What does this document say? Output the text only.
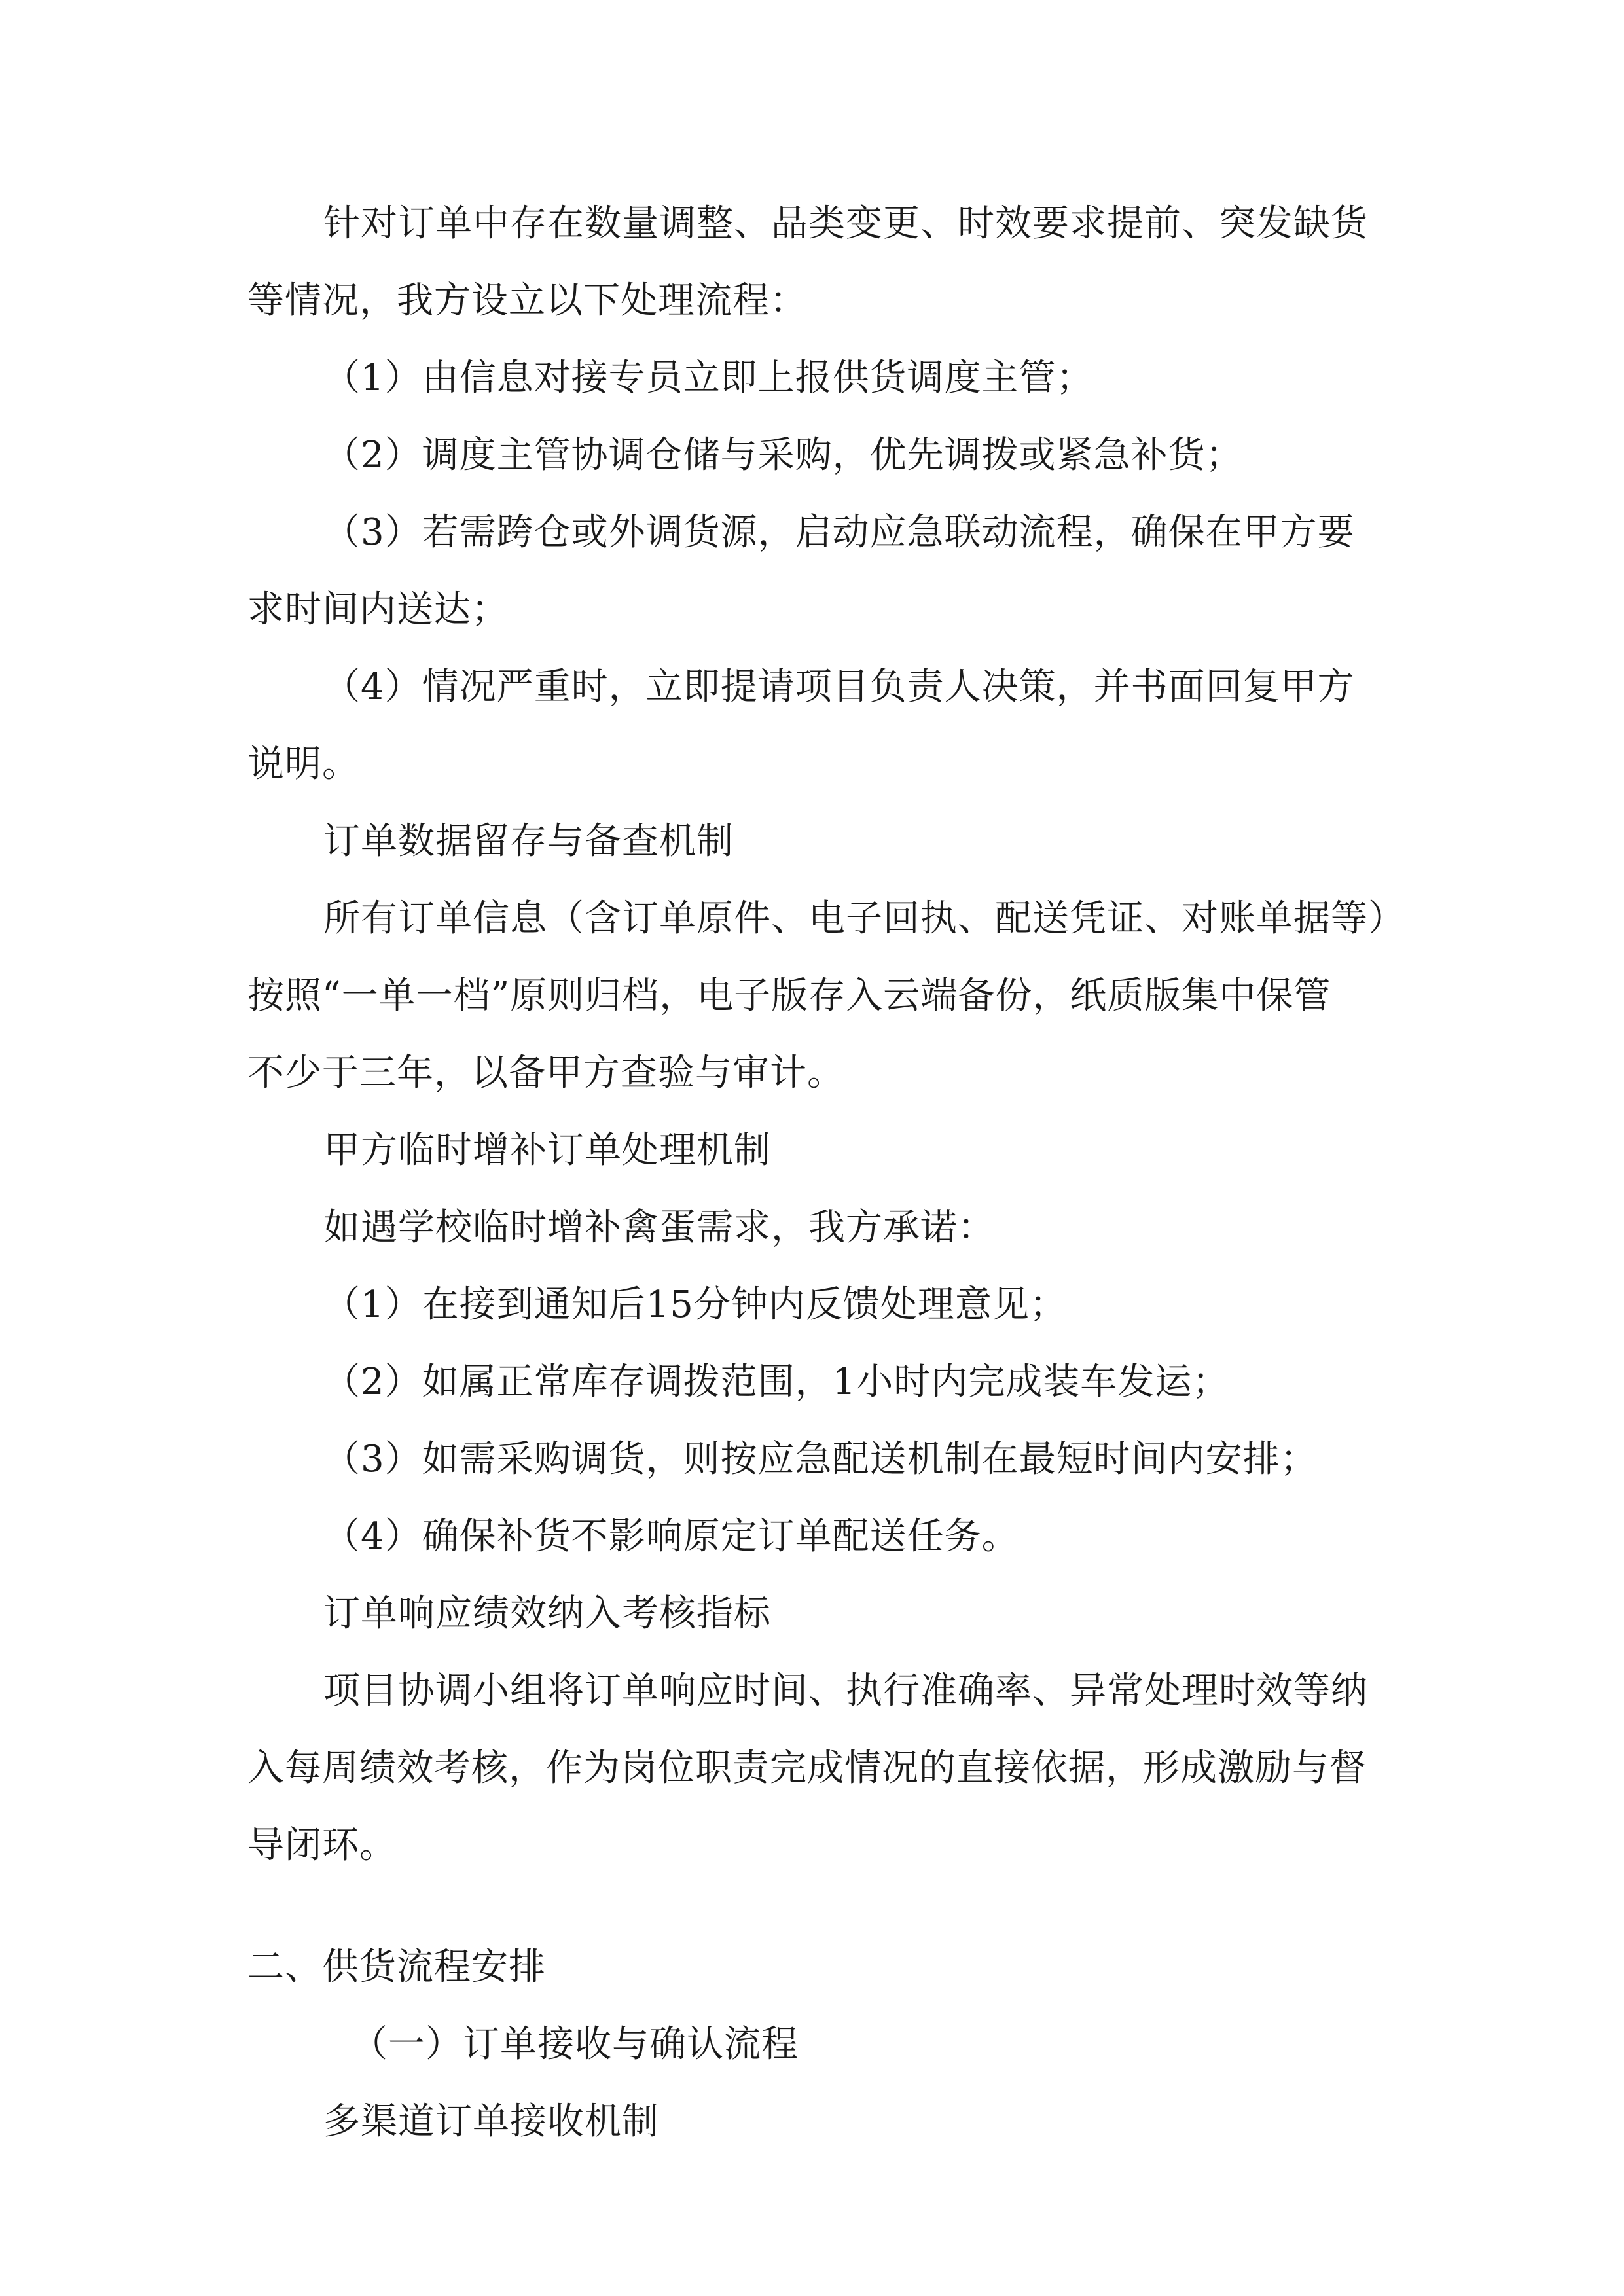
针对订单中存在数量调整、品类变更、时效要求提前、突发缺货
等情况，我方设立以下处理流程：
（1）由信息对接专员立即上报供货调度主管；
（2）调度主管协调仓储与采购，优先调拨或紧急补货；
（3）若需跨仓或外调货源，启动应急联动流程，确保在甲方要
求时间内送达；
（4）情况严重时，立即提请项目负责人决策，并书面回复甲方
说明。
订单数据留存与备查机制
所有订单信息（含订单原件、电子回执、配送凭证、对账单据等）
按照“一单一档”原则归档，电子版存入云端备份，纸质版集中保管
不少于三年，以备甲方查验与审计。
甲方临时增补订单处理机制
如遇学校临时增补禽蛋需求，我方承诺：
（1）在接到通知后15分钟内反馈处理意见；
（2）如属正常库存调拨范围，1小时内完成装车发运；
（3）如需采购调货，则按应急配送机制在最短时间内安排；
（4）确保补货不影响原定订单配送任务。
订单响应绩效纳入考核指标
项目协调小组将订单响应时间、执行准确率、异常处理时效等纳
入每周绩效考核，作为岗位职责完成情况的直接依据，形成激励与督
导闭环。
二、供货流程安排
（一）订单接收与确认流程
多渠道订单接收机制
